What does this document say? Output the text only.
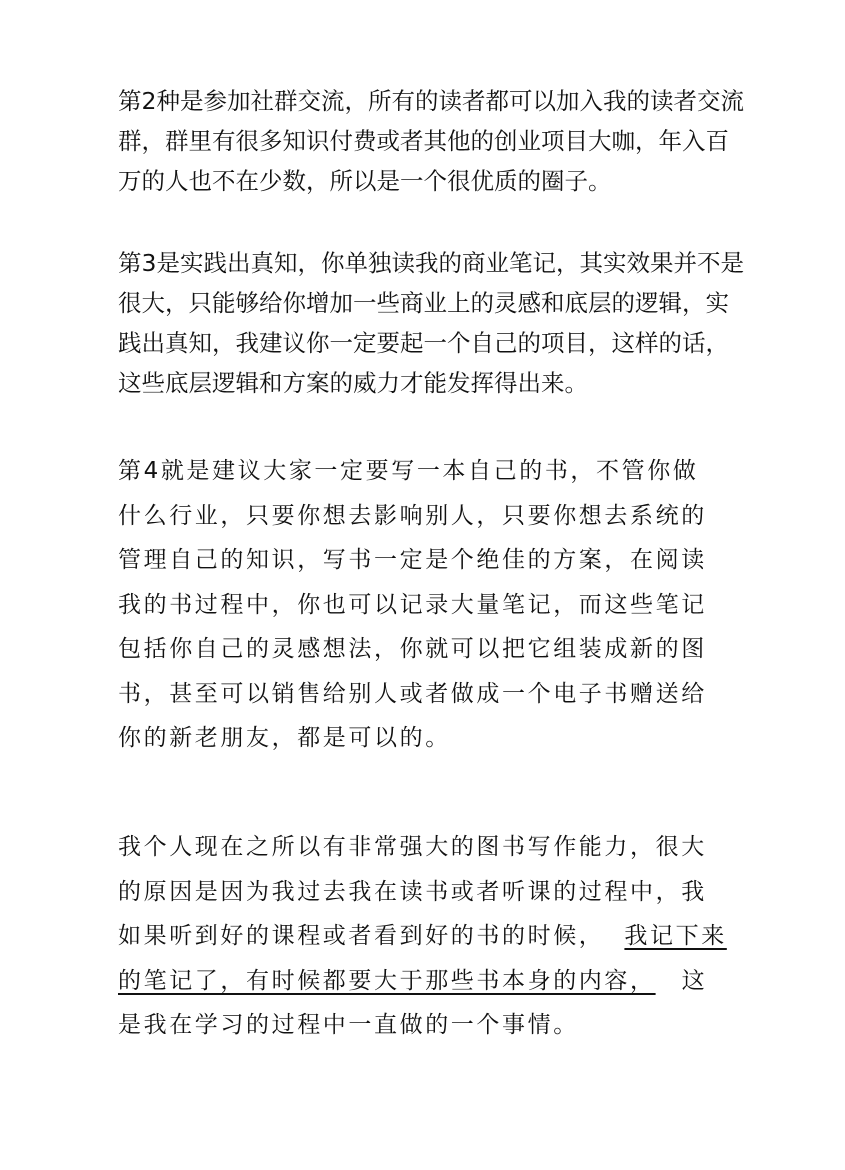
第2种是参加社群交流，所有的读者都可以加入我的读者交流
群，群里有很多知识付费或者其他的创业项目大咖，年入百
万的人也不在少数，所以是一个很优质的圈子。

第3是实践出真知，你单独读我的商业笔记，其实效果并不是
很大，只能够给你增加一些商业上的灵感和底层的逻辑，实
践出真知，我建议你一定要起一个自己的项目，这样的话，
这些底层逻辑和方案的威力才能发挥得出来。

第4就是建议大家一定要写一本自己的书，不管你做
什么行业，只要你想去影响别人，只要你想去系统的
管理自己的知识，写书一定是个绝佳的方案，在阅读
我的书过程中，你也可以记录大量笔记，而这些笔记
包括你自己的灵感想法，你就可以把它组装成新的图
书，甚至可以销售给别人或者做成一个电子书赠送给
你的新老朋友，都是可以的。

我个人现在之所以有非常强大的图书写作能力，很大
的原因是因为我过去我在读书或者听课的过程中，我
如果听到好的课程或者看到好的书的时候， 我记下来
的笔记了，有时候都要大于那些书本身的内容， 这
是我在学习的过程中一直做的一个事情。
